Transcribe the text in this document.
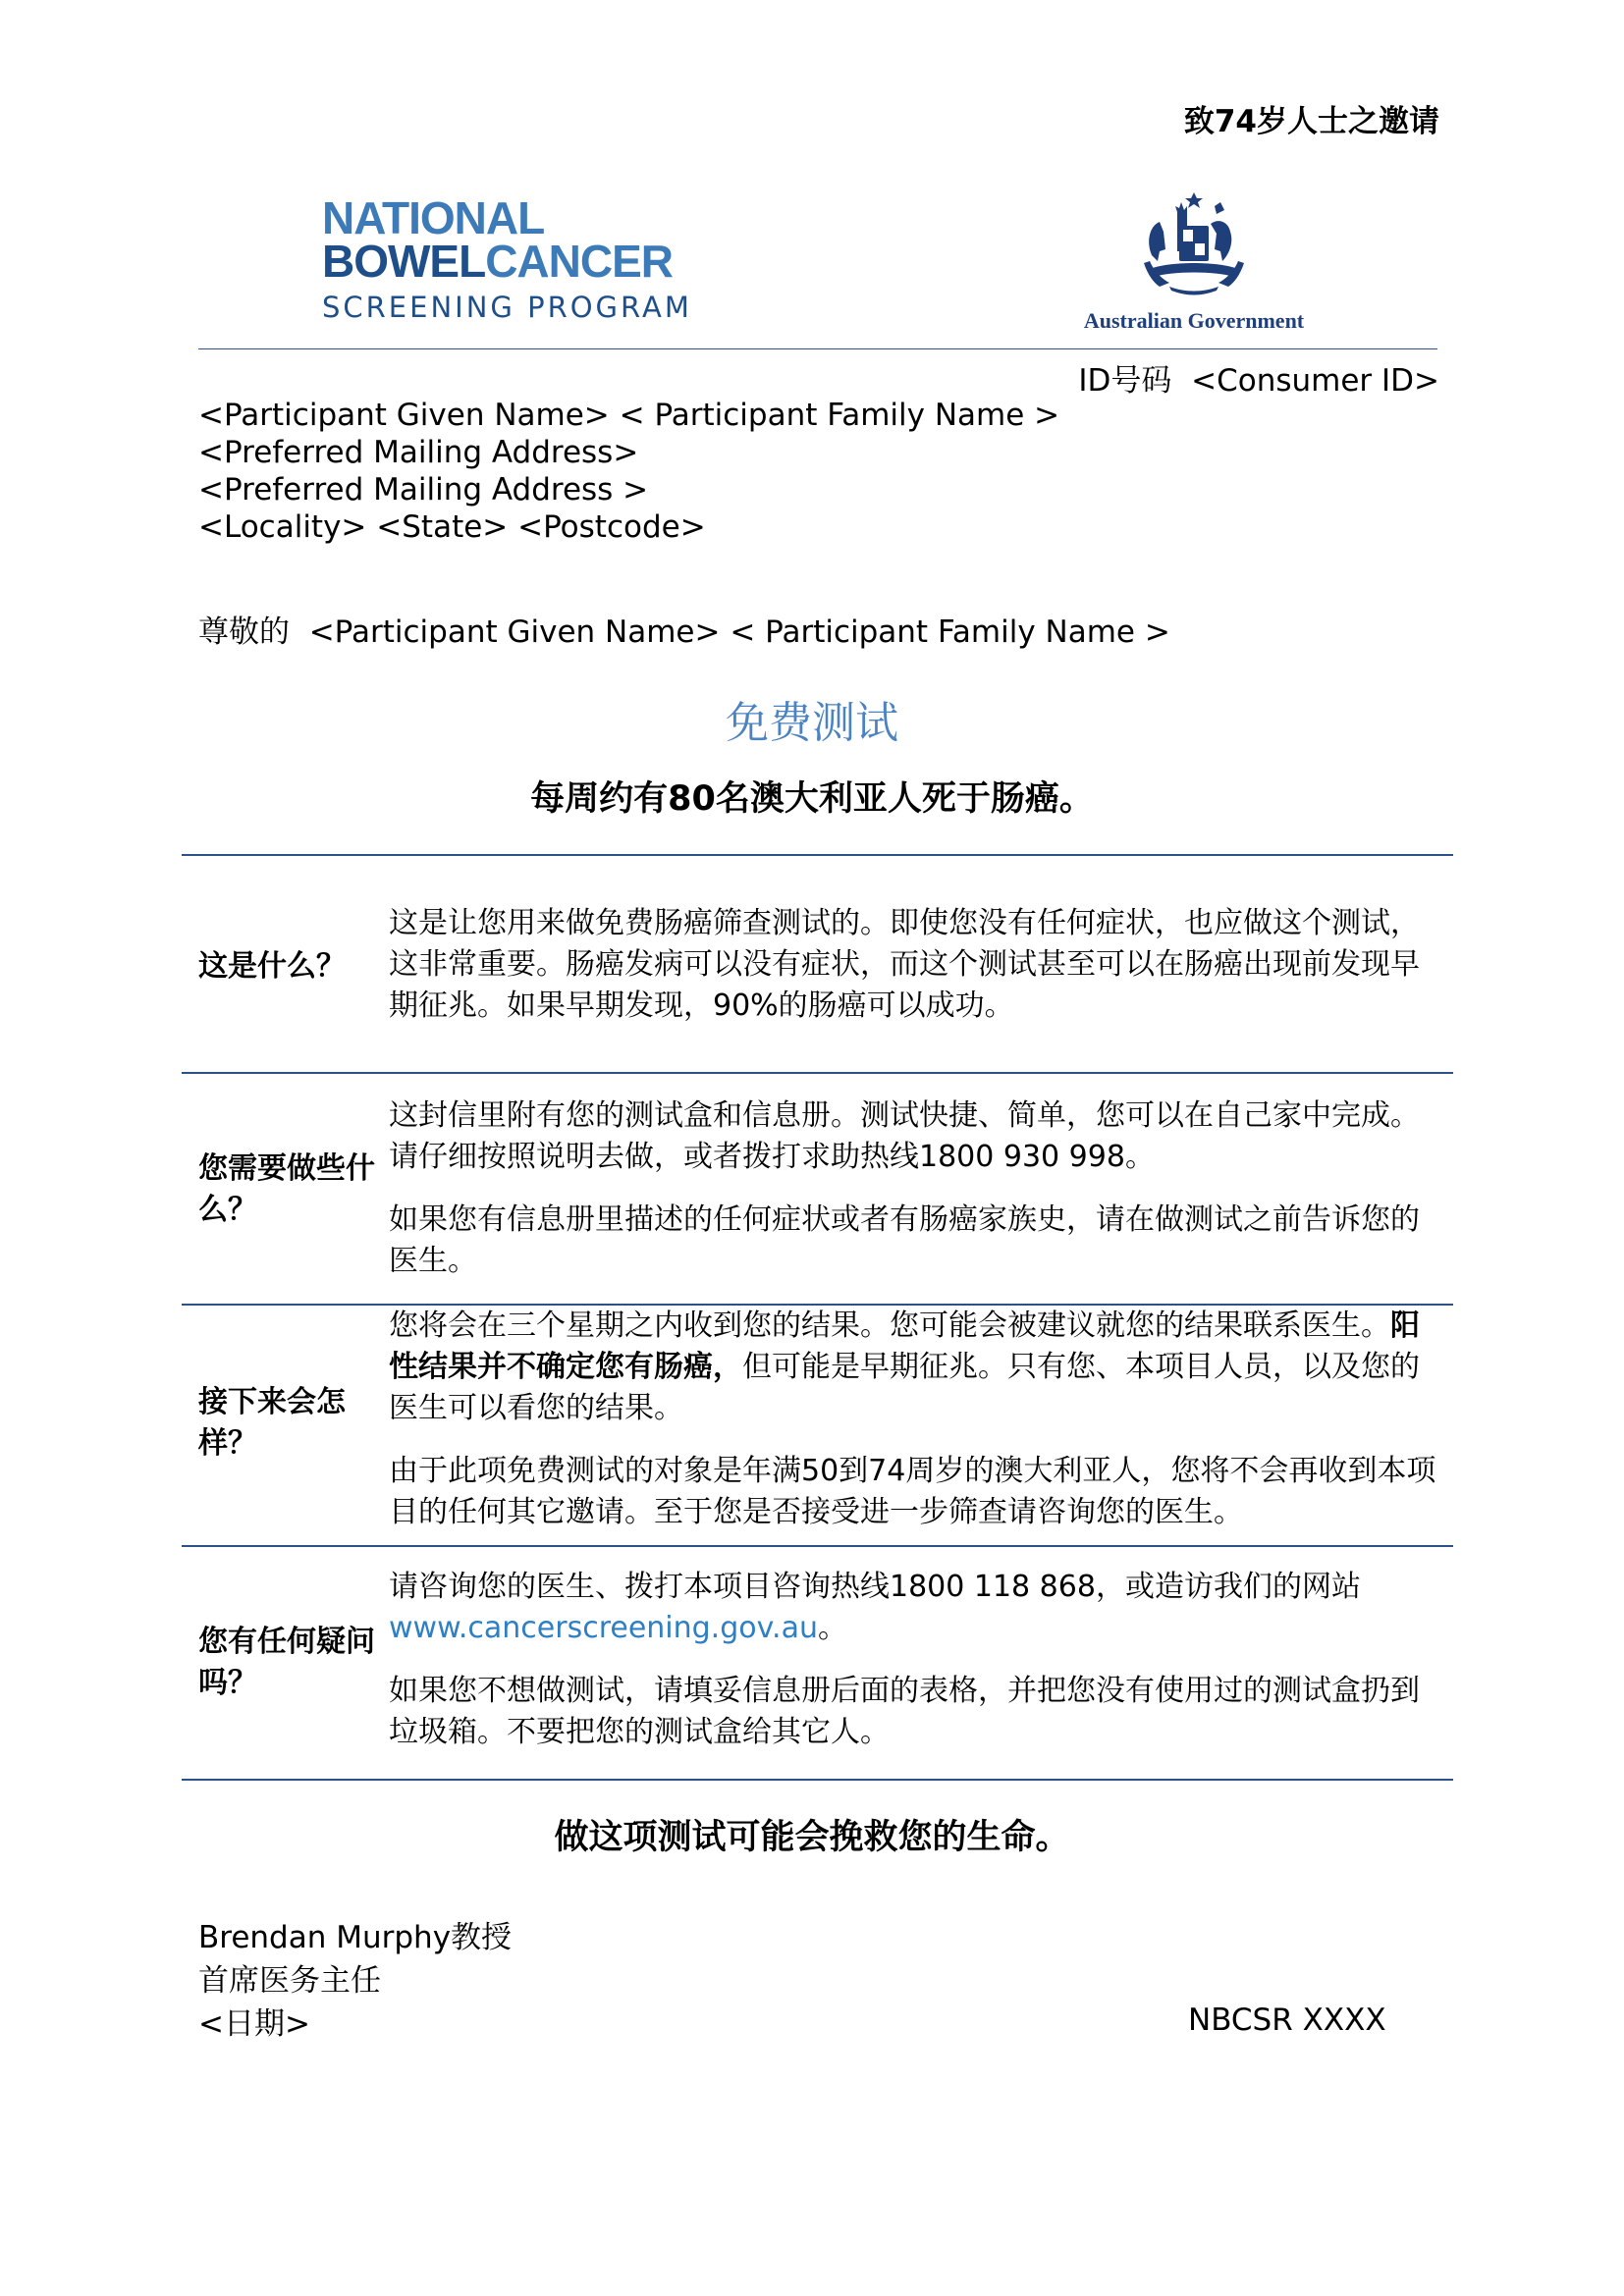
致74岁人士之邀请
NATIONAL
BOWELCANCER
SCREENING PROGRAM	Australian Government
ID号码 <Consumer ID>
<Participant Given Name> < Participant Family Name >
<Preferred Mailing Address>
<Preferred Mailing Address >
<Locality> <State> <Postcode>
尊敬的  <Participant Given Name> < Participant Family Name >
免费测试
每周约有80名澳大利亚人死于肠癌。
这是什么？

这是让您用来做免费肠癌筛查测试的。即使您没有任何症状，也应做这个测试，这非常重要。肠癌发病可以没有症状，而这个测试甚至可以在肠癌出现前发现早期征兆。如果早期发现，90%的肠癌可以成功。

您需要做些什么？

这封信里附有您的测试盒和信息册。测试快捷、简单，您可以在自己家中完成。请仔细按照说明去做，或者拨打求助热线1800 930 998。

如果您有信息册里描述的任何症状或者有肠癌家族史，请在做测试之前告诉您的医生。

接下来会怎样？

您将会在三个星期之内收到您的结果。您可能会被建议就您的结果联系医生。阳性结果并不确定您有肠癌，但可能是早期征兆。只有您、本项目人员，以及您的医生可以看您的结果。

由于此项免费测试的对象是年满50到74周岁的澳大利亚人，您将不会再收到本项目的任何其它邀请。至于您是否接受进一步筛查请咨询您的医生。

您有任何疑问吗？

请咨询您的医生、拨打本项目咨询热线1800 118 868，或造访我们的网站www.cancerscreening.gov.au。

如果您不想做测试，请填妥信息册后面的表格，并把您没有使用过的测试盒扔到垃圾箱。不要把您的测试盒给其它人。

做这项测试可能会挽救您的生命。
Brendan Murphy教授
首席医务主任
<日期>	NBCSR XXXX
